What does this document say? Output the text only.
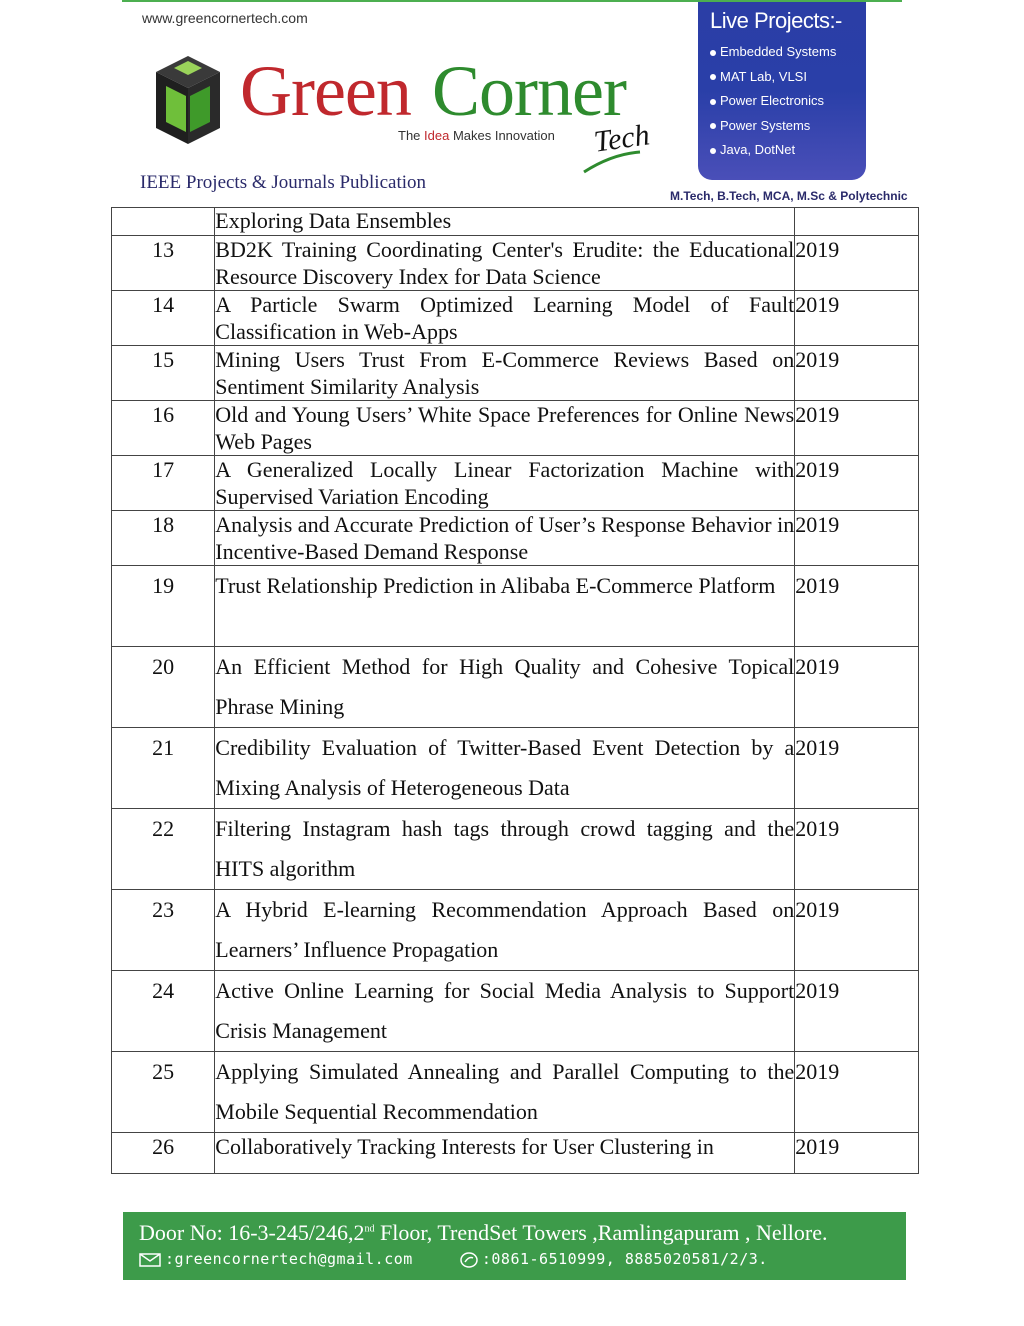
www.greencornertech.com
Green Corner
The Idea Makes Innovation Tech
IEEE Projects & Journals Publication
Live Projects:-
Embedded Systems
MAT Lab, VLSI
Power Electronics
Power Systems
Java, DotNet
M.Tech, B.Tech, MCA, M.Sc & Polytechnic
	Exploring Data Ensembles	
13	BD2K Training Coordinating Center's Erudite: the Educational Resource Discovery Index for Data Science	2019
14	A Particle Swarm Optimized Learning Model of Fault Classification in Web-Apps	2019
15	Mining Users Trust From E-Commerce Reviews Based on Sentiment Similarity Analysis	2019
16	Old and Young Users’ White Space Preferences for Online News Web Pages	2019
17	A Generalized Locally Linear Factorization Machine with Supervised Variation Encoding	2019
18	Analysis and Accurate Prediction of User’s Response Behavior in Incentive-Based Demand Response	2019
19	Trust Relationship Prediction in Alibaba E-Commerce Platform	2019
20	An Efficient Method for High Quality and Cohesive Topical Phrase Mining	2019
21	Credibility Evaluation of Twitter-Based Event Detection by a Mixing Analysis of Heterogeneous Data	2019
22	Filtering Instagram hash tags through crowd tagging and the HITS algorithm	2019
23	A Hybrid E-learning Recommendation Approach Based on Learners’ Influence Propagation	2019
24	Active Online Learning for Social Media Analysis to Support Crisis Management	2019
25	Applying Simulated Annealing and Parallel Computing to the Mobile Sequential Recommendation	2019
26	Collaboratively Tracking Interests for User Clustering in	2019
Door No: 16-3-245/246,2nd Floor, TrendSet Towers ,Ramlingapuram , Nellore.
:greencornertech@gmail.com	:0861-6510999, 8885020581/2/3.
